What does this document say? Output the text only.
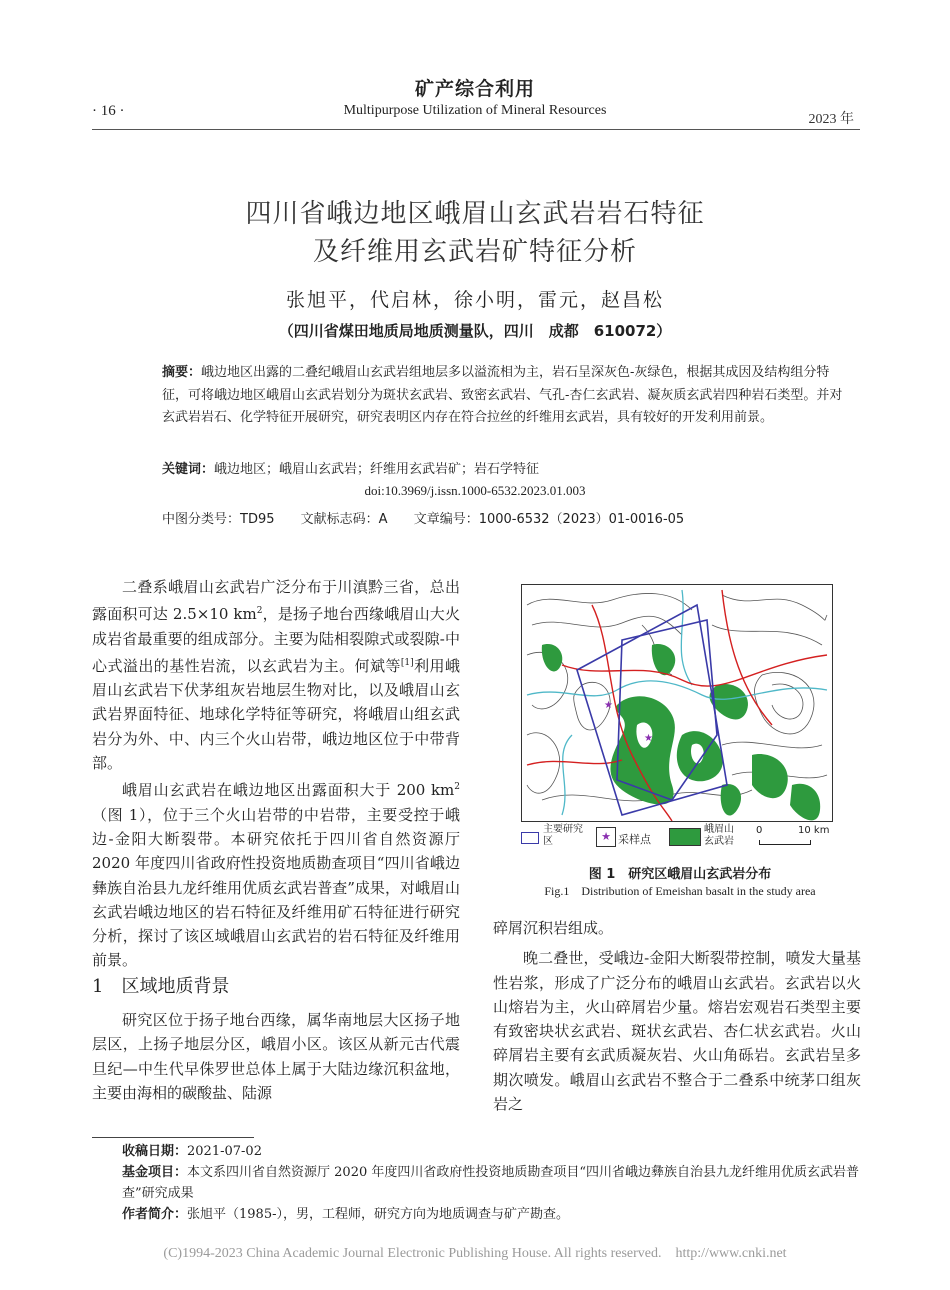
矿产综合利用
· 16 ·	Multipurpose Utilization of Mineral Resources
2023 年
四川省峨边地区峨眉山玄武岩岩石特征
及纤维用玄武岩矿特征分析
张旭平，代启林，徐小明，雷元，赵昌松
（四川省煤田地质局地质测量队，四川　成都　610072）
摘要：峨边地区出露的二叠纪峨眉山玄武岩组地层多以溢流相为主，岩石呈深灰色-灰绿色，根据其成因及结构组分特征，可将峨边地区峨眉山玄武岩划分为斑状玄武岩、致密玄武岩、气孔-杏仁玄武岩、凝灰质玄武岩四种岩石类型。并对玄武岩岩石、化学特征开展研究，研究表明区内存在符合拉丝的纤维用玄武岩，具有较好的开发利用前景。
关键词：峨边地区；峨眉山玄武岩；纤维用玄武岩矿；岩石学特征
doi:10.3969/j.issn.1000-6532.2023.01.003
中图分类号：TD95 文献标志码：A 文章编号：1000-6532（2023）01-0016-05

二叠系峨眉山玄武岩广泛分布于川滇黔三省，总出露面积可达 2.5×10 $km^2$，是扬子地台西缘峨眉山大火成岩省最重要的组成部分。主要为陆相裂隙式或裂隙-中心式溢出的基性岩流，以玄武岩为主。何斌等[1]利用峨眉山玄武岩下伏茅组灰岩地层生物对比，以及峨眉山玄武岩界面特征、地球化学特征等研究，将峨眉山组玄武岩分为外、中、内三个火山岩带，峨边地区位于中带背部。

峨眉山玄武岩在峨边地区出露面积大于 200 $km^2$（图 1），位于三个火山岩带的中岩带，主要受控于峨边-金阳大断裂带。本研究依托于四川省自然资源厅 2020 年度四川省政府性投资地质勘查项目“四川省峨边彝族自治县九龙纤维用优质玄武岩普查”成果，对峨眉山玄武岩峨边地区的岩石特征及纤维用矿石特征进行研究分析，探讨了该区域峨眉山玄武岩的岩石特征及纤维用前景。

1　 区域地质背景

研究区位于扬子地台西缘，属华南地层大区扬子地层区，上扬子地层分区，峨眉小区。该区从新元古代震旦纪—中生代早侏罗世总体上属于大陆边缘沉积盆地，主要由海相的碳酸盐、陆源

★
★
主要研究区	★ 采样点
峨眉山玄武岩
0	10 km
图 1　研究区峨眉山玄武岩分布
Fig.1　Distribution of Emeishan basalt in the study area
碎屑沉积岩组成。

晚二叠世，受峨边-金阳大断裂带控制，喷发大量基性岩浆，形成了广泛分布的峨眉山玄武岩。玄武岩以火山熔岩为主，火山碎屑岩少量。熔岩宏观岩石类型主要有致密块状玄武岩、斑状玄武岩、杏仁状玄武岩。火山碎屑岩主要有玄武质凝灰岩、火山角砾岩。玄武岩呈多期次喷发。峨眉山玄武岩不整合于二叠系中统茅口组灰岩之

收稿日期：2021-07-02
基金项目：本文系四川省自然资源厅 2020 年度四川省政府性投资地质勘查项目“四川省峨边彝族自治县九龙纤维用优质玄武岩普查”研究成果
作者简介：张旭平（1985-），男，工程师，研究方向为地质调查与矿产勘查。
(C)1994-2023 China Academic Journal Electronic Publishing House. All rights reserved.　http://www.cnki.net
